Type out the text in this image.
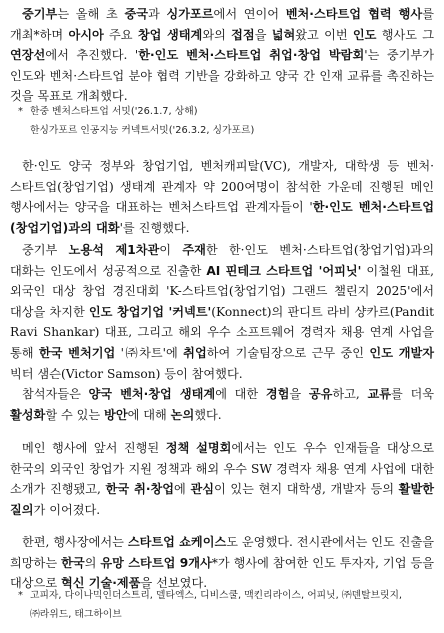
중기부는 올해 초 중국과 싱가포르에서 연이어 벤처·스타트업 협력 행사를 개최*하며 아시아 주요 창업 생태계와의 접점을 넓혀왔고 이번 인도 행사도 그 연장선에서 추진했다. '한·인도 벤처·스타트업 취업·창업 박람회'는 중기부가 인도와 벤처·스타트업 분야 협력 기반을 강화하고 양국 간 인재 교류를 촉진하는 것을 목표로 개최했다.

* 한중 벤처스타트업 서밋('26.1.7, 상해)
한싱가포르 인공지능 커넥트서밋('26.3.2, 싱가포르)

한·인도 양국 정부와 창업기업, 벤처캐피탈(VC), 개발자, 대학생 등 벤처·스타트업(창업기업) 생태계 관계자 약 200여명이 참석한 가운데 진행된 메인 행사에서는 양국을 대표하는 벤처스타트업 관계자들이 '한·인도 벤처·스타트업(창업기업)과의 대화'를 진행했다.

중기부 노용석 제1차관이 주재한 한·인도 벤처·스타트업(창업기업)과의 대화는 인도에서 성공적으로 진출한 AI 핀테크 스타트업 '어피닛' 이철원 대표, 외국인 대상 창업 경진대회 'K-스타트업(창업기업) 그랜드 챌린지 2025'에서 대상을 차지한 인도 창업기업 '커넥트'(Konnect)의 판디트 라비 샹카르(Pandit Ravi Shankar) 대표, 그리고 해외 우수 소프트웨어 경력자 채용 연계 사업을 통해 한국 벤처기업 '㈜차트'에 취업하여 기술팀장으로 근무 중인 인도 개발자 빅터 샘슨(Victor Samson) 등이 참여했다.

참석자들은 양국 벤처·창업 생태계에 대한 경험을 공유하고, 교류를 더욱 활성화할 수 있는 방안에 대해 논의했다.

메인 행사에 앞서 진행된 정책 설명회에서는 인도 우수 인재들을 대상으로 한국의 외국인 창업가 지원 정책과 해외 우수 SW 경력자 채용 연계 사업에 대한 소개가 진행됐고, 한국 취·창업에 관심이 있는 현지 대학생, 개발자 등의 활발한 질의가 이어졌다.

한편, 행사장에서는 스타트업 쇼케이스도 운영했다. 전시관에서는 인도 진출을 희망하는 한국의 유망 스타트업 9개사*가 행사에 참여한 인도 투자자, 기업 등을 대상으로 혁신 기술·제품을 선보였다.

* 고피자, 다이나믹인더스트리, 델타엑스, 디비스쿨, 맥킨리라이스, 어피닛, ㈜덴탈브릿지,
㈜라위드, 태그하이브
